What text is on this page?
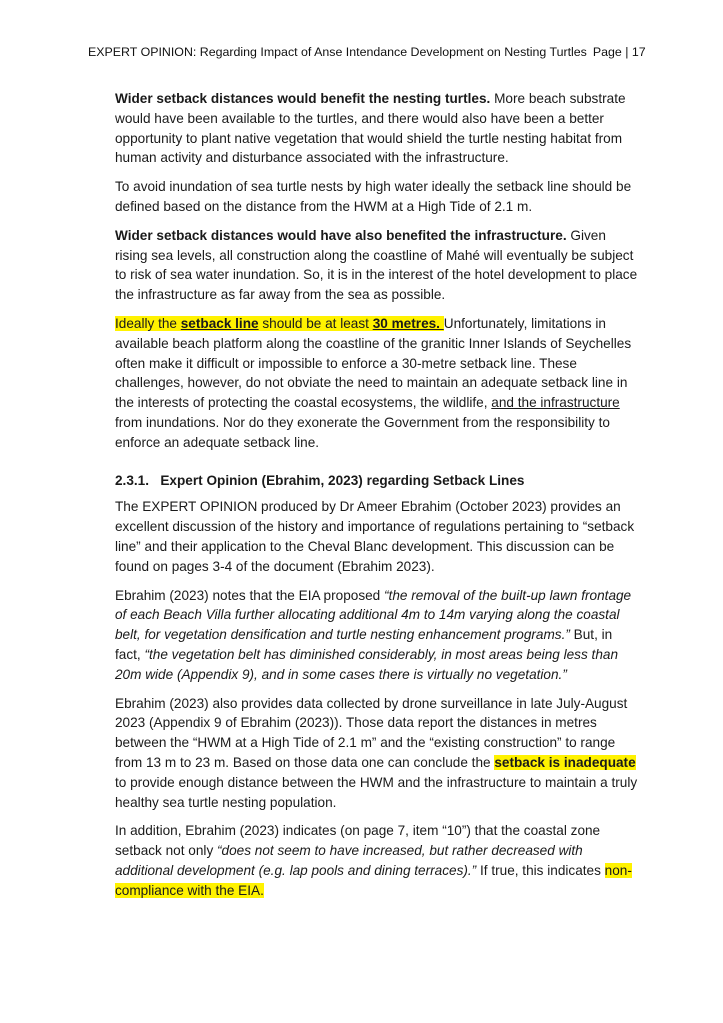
EXPERT OPINION: Regarding Impact of Anse Intendance Development on Nesting Turtles Page | 17

Wider setback distances would benefit the nesting turtles. More beach substrate would have been available to the turtles, and there would also have been a better opportunity to plant native vegetation that would shield the turtle nesting habitat from human activity and disturbance associated with the infrastructure.

To avoid inundation of sea turtle nests by high water ideally the setback line should be defined based on the distance from the HWM at a High Tide of 2.1 m.

Wider setback distances would have also benefited the infrastructure. Given rising sea levels, all construction along the coastline of Mahé will eventually be subject to risk of sea water inundation. So, it is in the interest of the hotel development to place the infrastructure as far away from the sea as possible.

Ideally the setback line should be at least 30 metres. Unfortunately, limitations in available beach platform along the coastline of the granitic Inner Islands of Seychelles often make it difficult or impossible to enforce a 30-metre setback line. These challenges, however, do not obviate the need to maintain an adequate setback line in the interests of protecting the coastal ecosystems, the wildlife, and the infrastructure from inundations. Nor do they exonerate the Government from the responsibility to enforce an adequate setback line.

2.3.1. Expert Opinion (Ebrahim, 2023) regarding Setback Lines

The EXPERT OPINION produced by Dr Ameer Ebrahim (October 2023) provides an excellent discussion of the history and importance of regulations pertaining to “setback line” and their application to the Cheval Blanc development. This discussion can be found on pages 3-4 of the document (Ebrahim 2023).

Ebrahim (2023) notes that the EIA proposed “the removal of the built-up lawn frontage of each Beach Villa further allocating additional 4m to 14m varying along the coastal belt, for vegetation densification and turtle nesting enhancement programs.” But, in fact, “the vegetation belt has diminished considerably, in most areas being less than 20m wide (Appendix 9), and in some cases there is virtually no vegetation.”

Ebrahim (2023) also provides data collected by drone surveillance in late July-August 2023 (Appendix 9 of Ebrahim (2023)). Those data report the distances in metres between the “HWM at a High Tide of 2.1 m” and the “existing construction” to range from 13 m to 23 m. Based on those data one can conclude the setback is inadequate to provide enough distance between the HWM and the infrastructure to maintain a truly healthy sea turtle nesting population.

In addition, Ebrahim (2023) indicates (on page 7, item “10”) that the coastal zone setback not only “does not seem to have increased, but rather decreased with additional development (e.g. lap pools and dining terraces).” If true, this indicates non-compliance with the EIA.
